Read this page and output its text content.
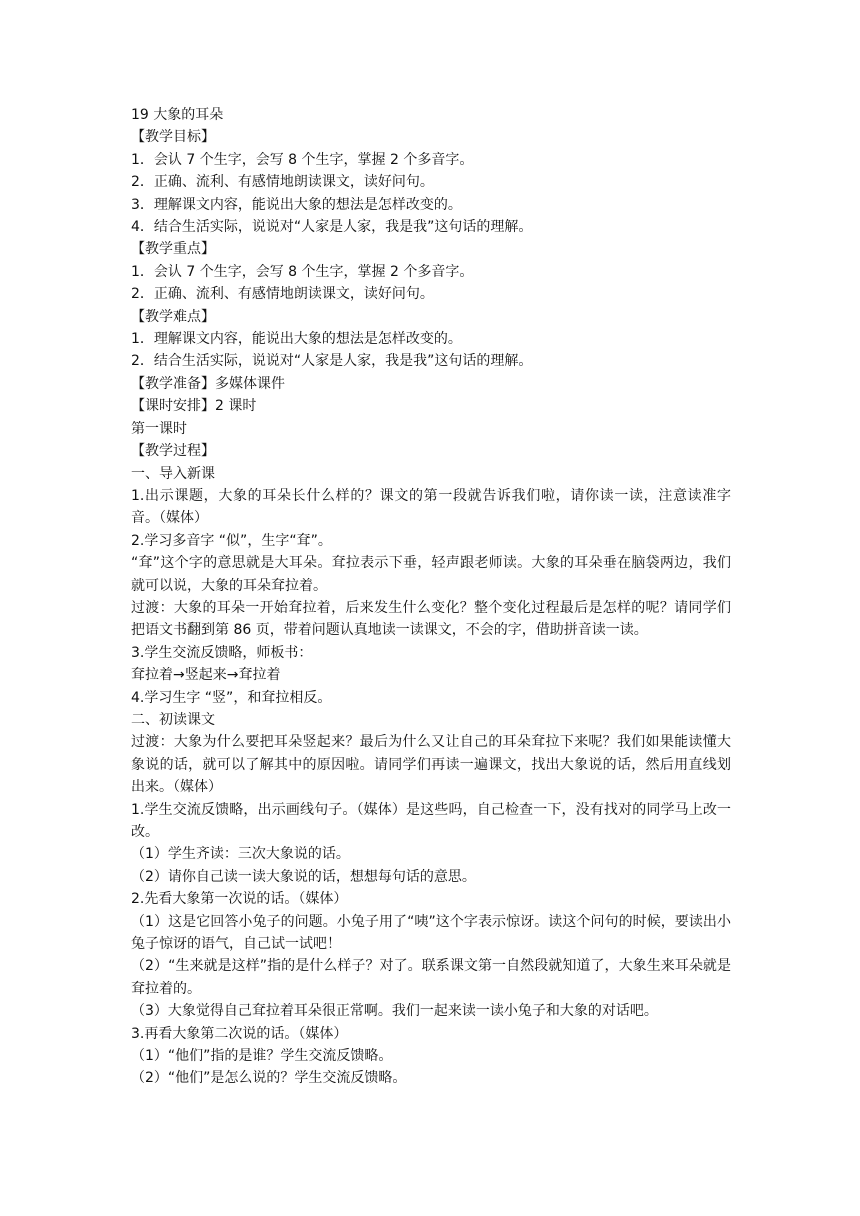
19 大象的耳朵
【教学目标】
1．会认 7 个生字，会写 8 个生字，掌握 2 个多音字。
2．正确、流利、有感情地朗读课文，读好问句。
3．理解课文内容，能说出大象的想法是怎样改变的。
4．结合生活实际，说说对“人家是人家，我是我”这句话的理解。
【教学重点】
1．会认 7 个生字，会写 8 个生字，掌握 2 个多音字。
2．正确、流利、有感情地朗读课文，读好问句。
【教学难点】
1．理解课文内容，能说出大象的想法是怎样改变的。
2．结合生活实际，说说对“人家是人家，我是我”这句话的理解。
【教学准备】多媒体课件
【课时安排】2 课时
第一课时
【教学过程】
一、导入新课
1.出示课题，大象的耳朵长什么样的？课文的第一段就告诉我们啦，请你读一读，注意读准字音。（媒体）
2.学习多音字 “似”，生字“耷”。
“耷”这个字的意思就是大耳朵。耷拉表示下垂，轻声跟老师读。大象的耳朵垂在脑袋两边，我们就可以说，大象的耳朵耷拉着。
过渡：大象的耳朵一开始耷拉着，后来发生什么变化？整个变化过程最后是怎样的呢？请同学们把语文书翻到第 86 页，带着问题认真地读一读课文，不会的字，借助拼音读一读。
3.学生交流反馈略，师板书：
耷拉着→竖起来→耷拉着
4.学习生字 “竖”，和耷拉相反。
二、初读课文
过渡：大象为什么要把耳朵竖起来？最后为什么又让自己的耳朵耷拉下来呢？我们如果能读懂大象说的话，就可以了解其中的原因啦。请同学们再读一遍课文，找出大象说的话，然后用直线划出来。（媒体）
1.学生交流反馈略，出示画线句子。（媒体）是这些吗，自己检查一下，没有找对的同学马上改一改。
（1）学生齐读：三次大象说的话。
（2）请你自己读一读大象说的话，想想每句话的意思。
2.先看大象第一次说的话。（媒体）
（1）这是它回答小兔子的问题。小兔子用了“咦”这个字表示惊讶。读这个问句的时候，要读出小兔子惊讶的语气，自己试一试吧！
（2）“生来就是这样”指的是什么样子？对了。联系课文第一自然段就知道了，大象生来耳朵就是耷拉着的。
（3）大象觉得自己耷拉着耳朵很正常啊。我们一起来读一读小兔子和大象的对话吧。
3.再看大象第二次说的话。（媒体）
（1）“他们”指的是谁？学生交流反馈略。
（2）“他们”是怎么说的？学生交流反馈略。
